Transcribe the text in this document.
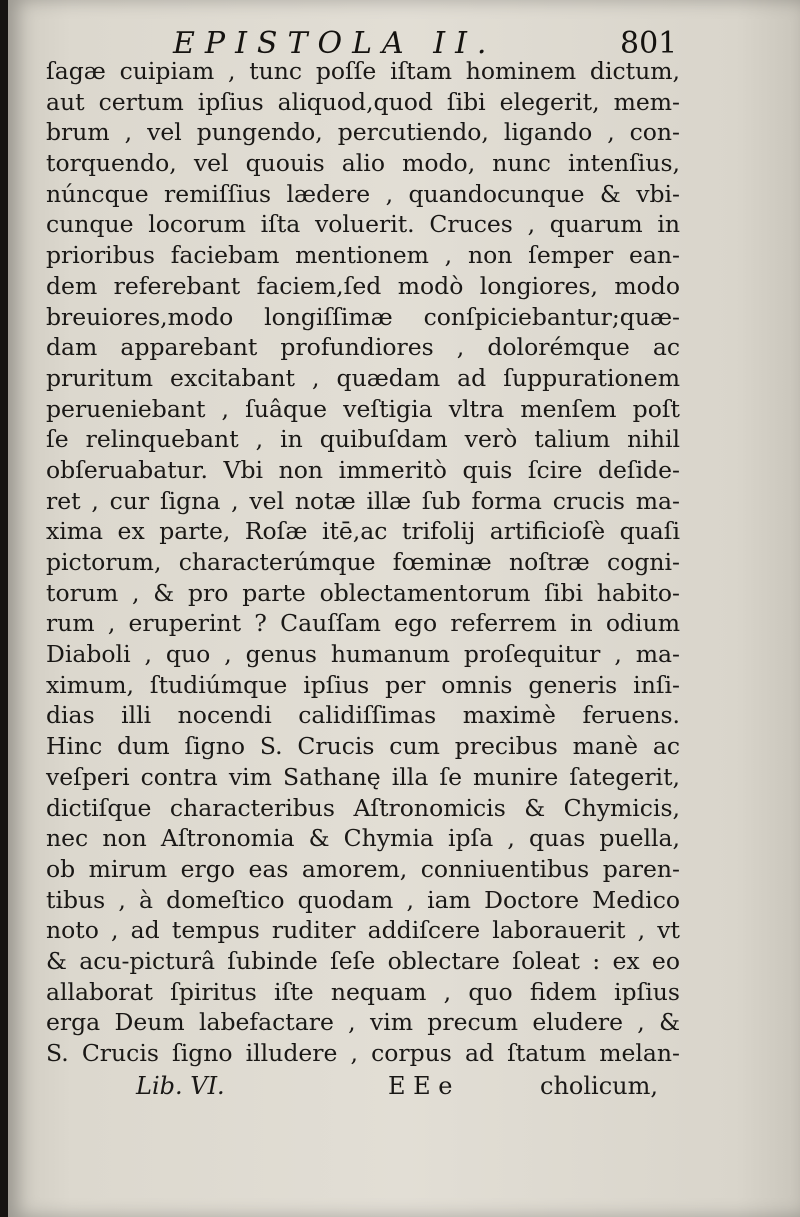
EPISTOLA II.	801
ſagæ cuipiam , tunc poſſe iſtam hominem dictum,
aut certum ipſius aliquod,quod ſibi elegerit, mem-
brum , vel pungendo, percutiendo, ligando , con-
torquendo, vel quouis alio modo, nunc intenſius,
núncque remiſſius lædere , quandocunque & vbi-
cunque locorum iſta voluerit. Cruces , quarum in
prioribus faciebam mentionem , non ſemper ean-
dem referebant faciem,ſed modò longiores, modo
breuiores,modo longiſſimæ conſpiciebantur;quæ-
dam apparebant profundiores , dolorémque ac
pruritum excitabant , quædam ad ſuppurationem
perueniebant , ſuâque veſtigia vltra menſem poſt
ſe relinquebant , in quibuſdam verò talium nihil
obſeruabatur. Vbi non immeritò quis ſcire deſide-
ret , cur ſigna , vel notæ illæ ſub forma crucis ma-
xima ex parte, Roſæ itē,ac trifolij artificioſè quaſi
pictorum, characterúmque fœminæ noſtræ cogni-
torum , & pro parte oblectamentorum ſibi habito-
rum , eruperint ? Cauſſam ego referrem in odium
Diaboli , quo , genus humanum proſequitur , ma-
ximum, ſtudiúmque ipſius per omnis generis inſi-
dias illi nocendi calidiſſimas maximè feruens.
Hinc dum ſigno S. Crucis cum precibus manè ac
veſperi contra vim Sathanę illa ſe munire ſategerit,
dictiſque characteribus Aſtronomicis & Chymicis,
nec non Aſtronomia & Chymia ipſa , quas puella,
ob mirum ergo eas amorem, conniuentibus paren-
tibus , à domeſtico quodam , iam Doctore Medico
noto , ad tempus ruditer addiſcere laborauerit , vt
& acu-picturâ ſubinde ſeſe oblectare ſoleat : ex eo
allaborat ſpiritus iſte nequam , quo fidem ipſius
erga Deum labefactare , vim precum eludere , &
S. Crucis ſigno illudere , corpus ad ſtatum melan-
Lib. VI.	E E e	cholicum,
